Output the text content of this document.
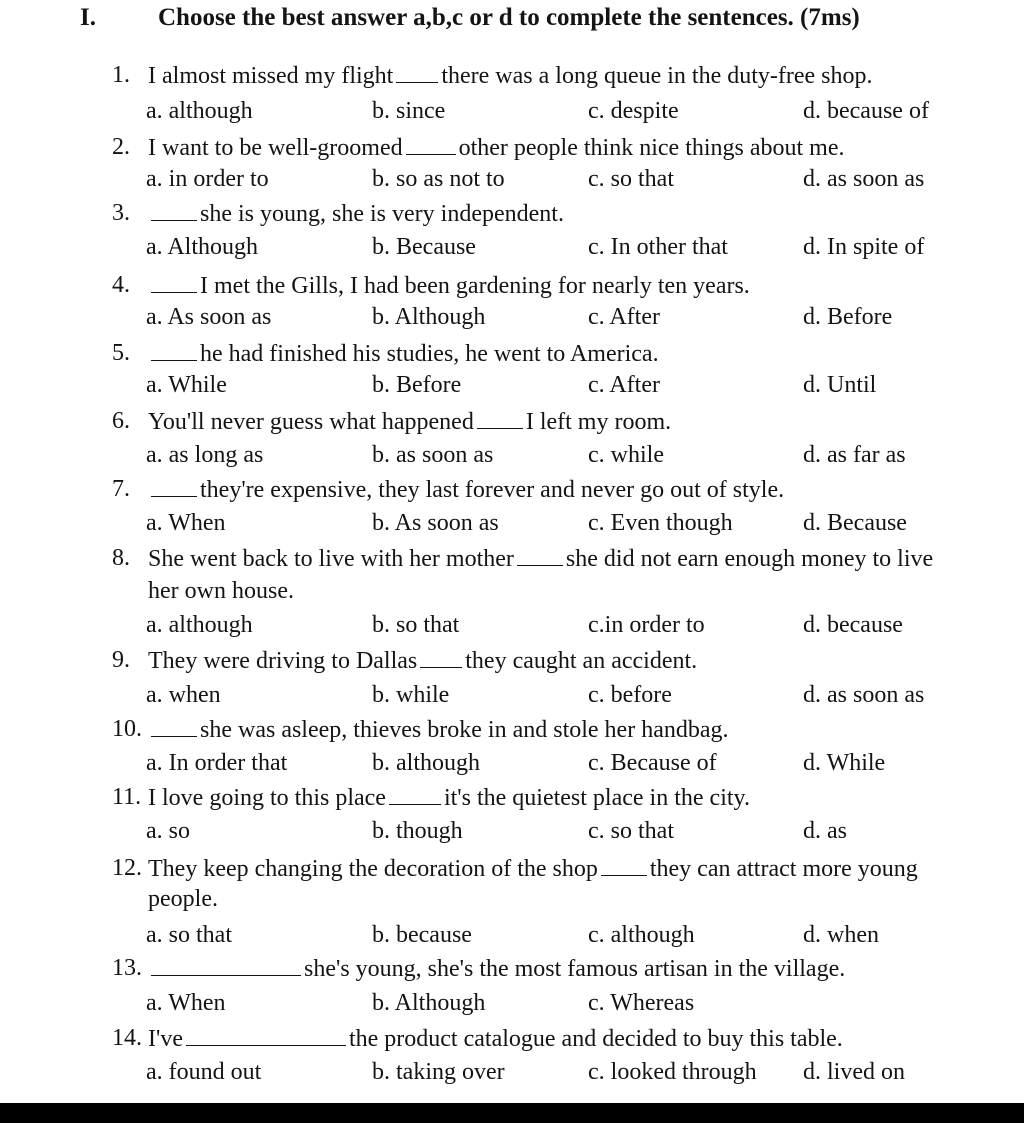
I. Choose the best answer a,b,c or d to complete the sentences. (7ms)
1. I almost missed my flight there was a long queue in the duty-free shop.
a. although	b. since	c. despite	d. because of
2. I want to be well-groomed other people think nice things about me.
a. in order to	b. so as not to	c. so that	d. as soon as
3.	she is young, she is very independent.
a. Although	b. Because	c. In other that	d. In spite of
4.	I met the Gills, I had been gardening for nearly ten years.
a. As soon as	b. Although	c. After	d. Before
5.	he had finished his studies, he went to America.
a. While	b. Before	c. After	d. Until
6. You'll never guess what happened I left my room.
a. as long as	b. as soon as	c. while	d. as far as
7.	they're expensive, they last forever and never go out of style.
a. When	b. As soon as	c. Even though	d. Because
8. She went back to live with her mother she did not earn enough money to live
her own house.
a. although	b. so that	c.in order to	d. because
9. They were driving to Dallas they caught an accident.
a. when	b. while	c. before	d. as soon as
10.	she was asleep, thieves broke in and stole her handbag.
a. In order that	b. although	c. Because of	d. While
11. I love going to this place it's the quietest place in the city.
a. so	b. though	c. so that	d. as
12. They keep changing the decoration of the shop they can attract more young
people.
a. so that	b. because	c. although	d. when
13.	she's young, she's the most famous artisan in the village.
a. When	b. Although	c. Whereas
14. I've	the product catalogue and decided to buy this table.
a. found out	b. taking over	c. looked through d. lived on
